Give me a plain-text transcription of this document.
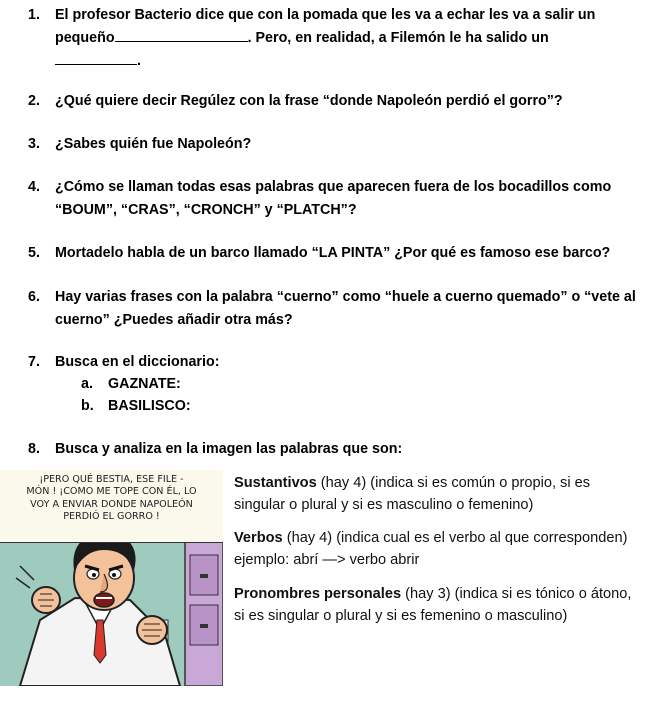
1.	El profesor Bacterio dice que con la pomada que les va a echar les va a salir un
pequeño	. Pero, en realidad, a Filemón le ha salido un
.
2.	¿Qué quiere decir Regúlez con la frase “donde Napoleón perdió el gorro”?
3.	¿Sabes quién fue Napoleón?
4.	¿Cómo se llaman todas esas palabras que aparecen fuera de los bocadillos como
“BOUM”, “CRAS”, “CRONCH” y “PLATCH”?
5.	Mortadelo habla de un barco llamado “LA PINTA” ¿Por qué es famoso ese barco?
6.	Hay varias frases con la palabra “cuerno” como “huele a cuerno quemado” o “vete al
cuerno” ¿Puedes añadir otra más?
7.	Busca en el diccionario:
a. GAZNATE:
b. BASILISCO:
8.	Busca y analiza en la imagen las palabras que son:
¡PERO QUÉ BESTIA, ESE FILE -
MÓN ! ¡COMO ME TOPE CON ÉL, LO
VOY A ENVIAR DONDE NAPOLEÓN
PERDIÓ EL GORRO !
Sustantivos (hay 4) (indica si es común o propio, si es
singular o plural y si es masculino o femenino)
Verbos (hay 4) (indica cual es el verbo al que corresponden)
ejemplo: abrí —> verbo abrir
Pronombres personales (hay 3) (indica si es tónico o átono,
si es singular o plural y si es femenino o masculino)
